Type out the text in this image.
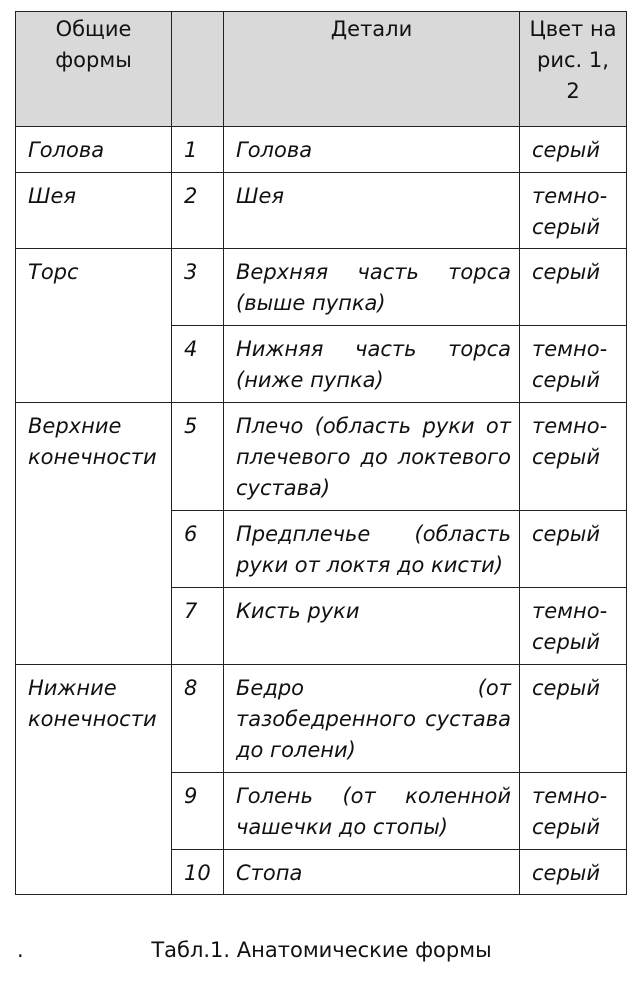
Общие формы		Детали	Цвет на рис. 1, 2
Голова	1	Голова	серый
Шея	2	Шея	темно-серый
Торс	3	Верхняя часть торса (выше пупка)	серый
	4	Нижняя часть торса (ниже пупка)	темно-серый
Верхние конечности	5	Плечо (область руки от плечевого до локтевого сустава)	темно-серый
	6	Предплечье (область руки от локтя до кисти)	серый
	7	Кисть руки	темно-серый
Нижние конечности	8	Бедро (от тазобедренного сустава до голени)	серый
	9	Голень (от коленной чашечки до стопы)	темно-серый
	10	Стопа	серый
.	Табл.1. Анатомические формы
